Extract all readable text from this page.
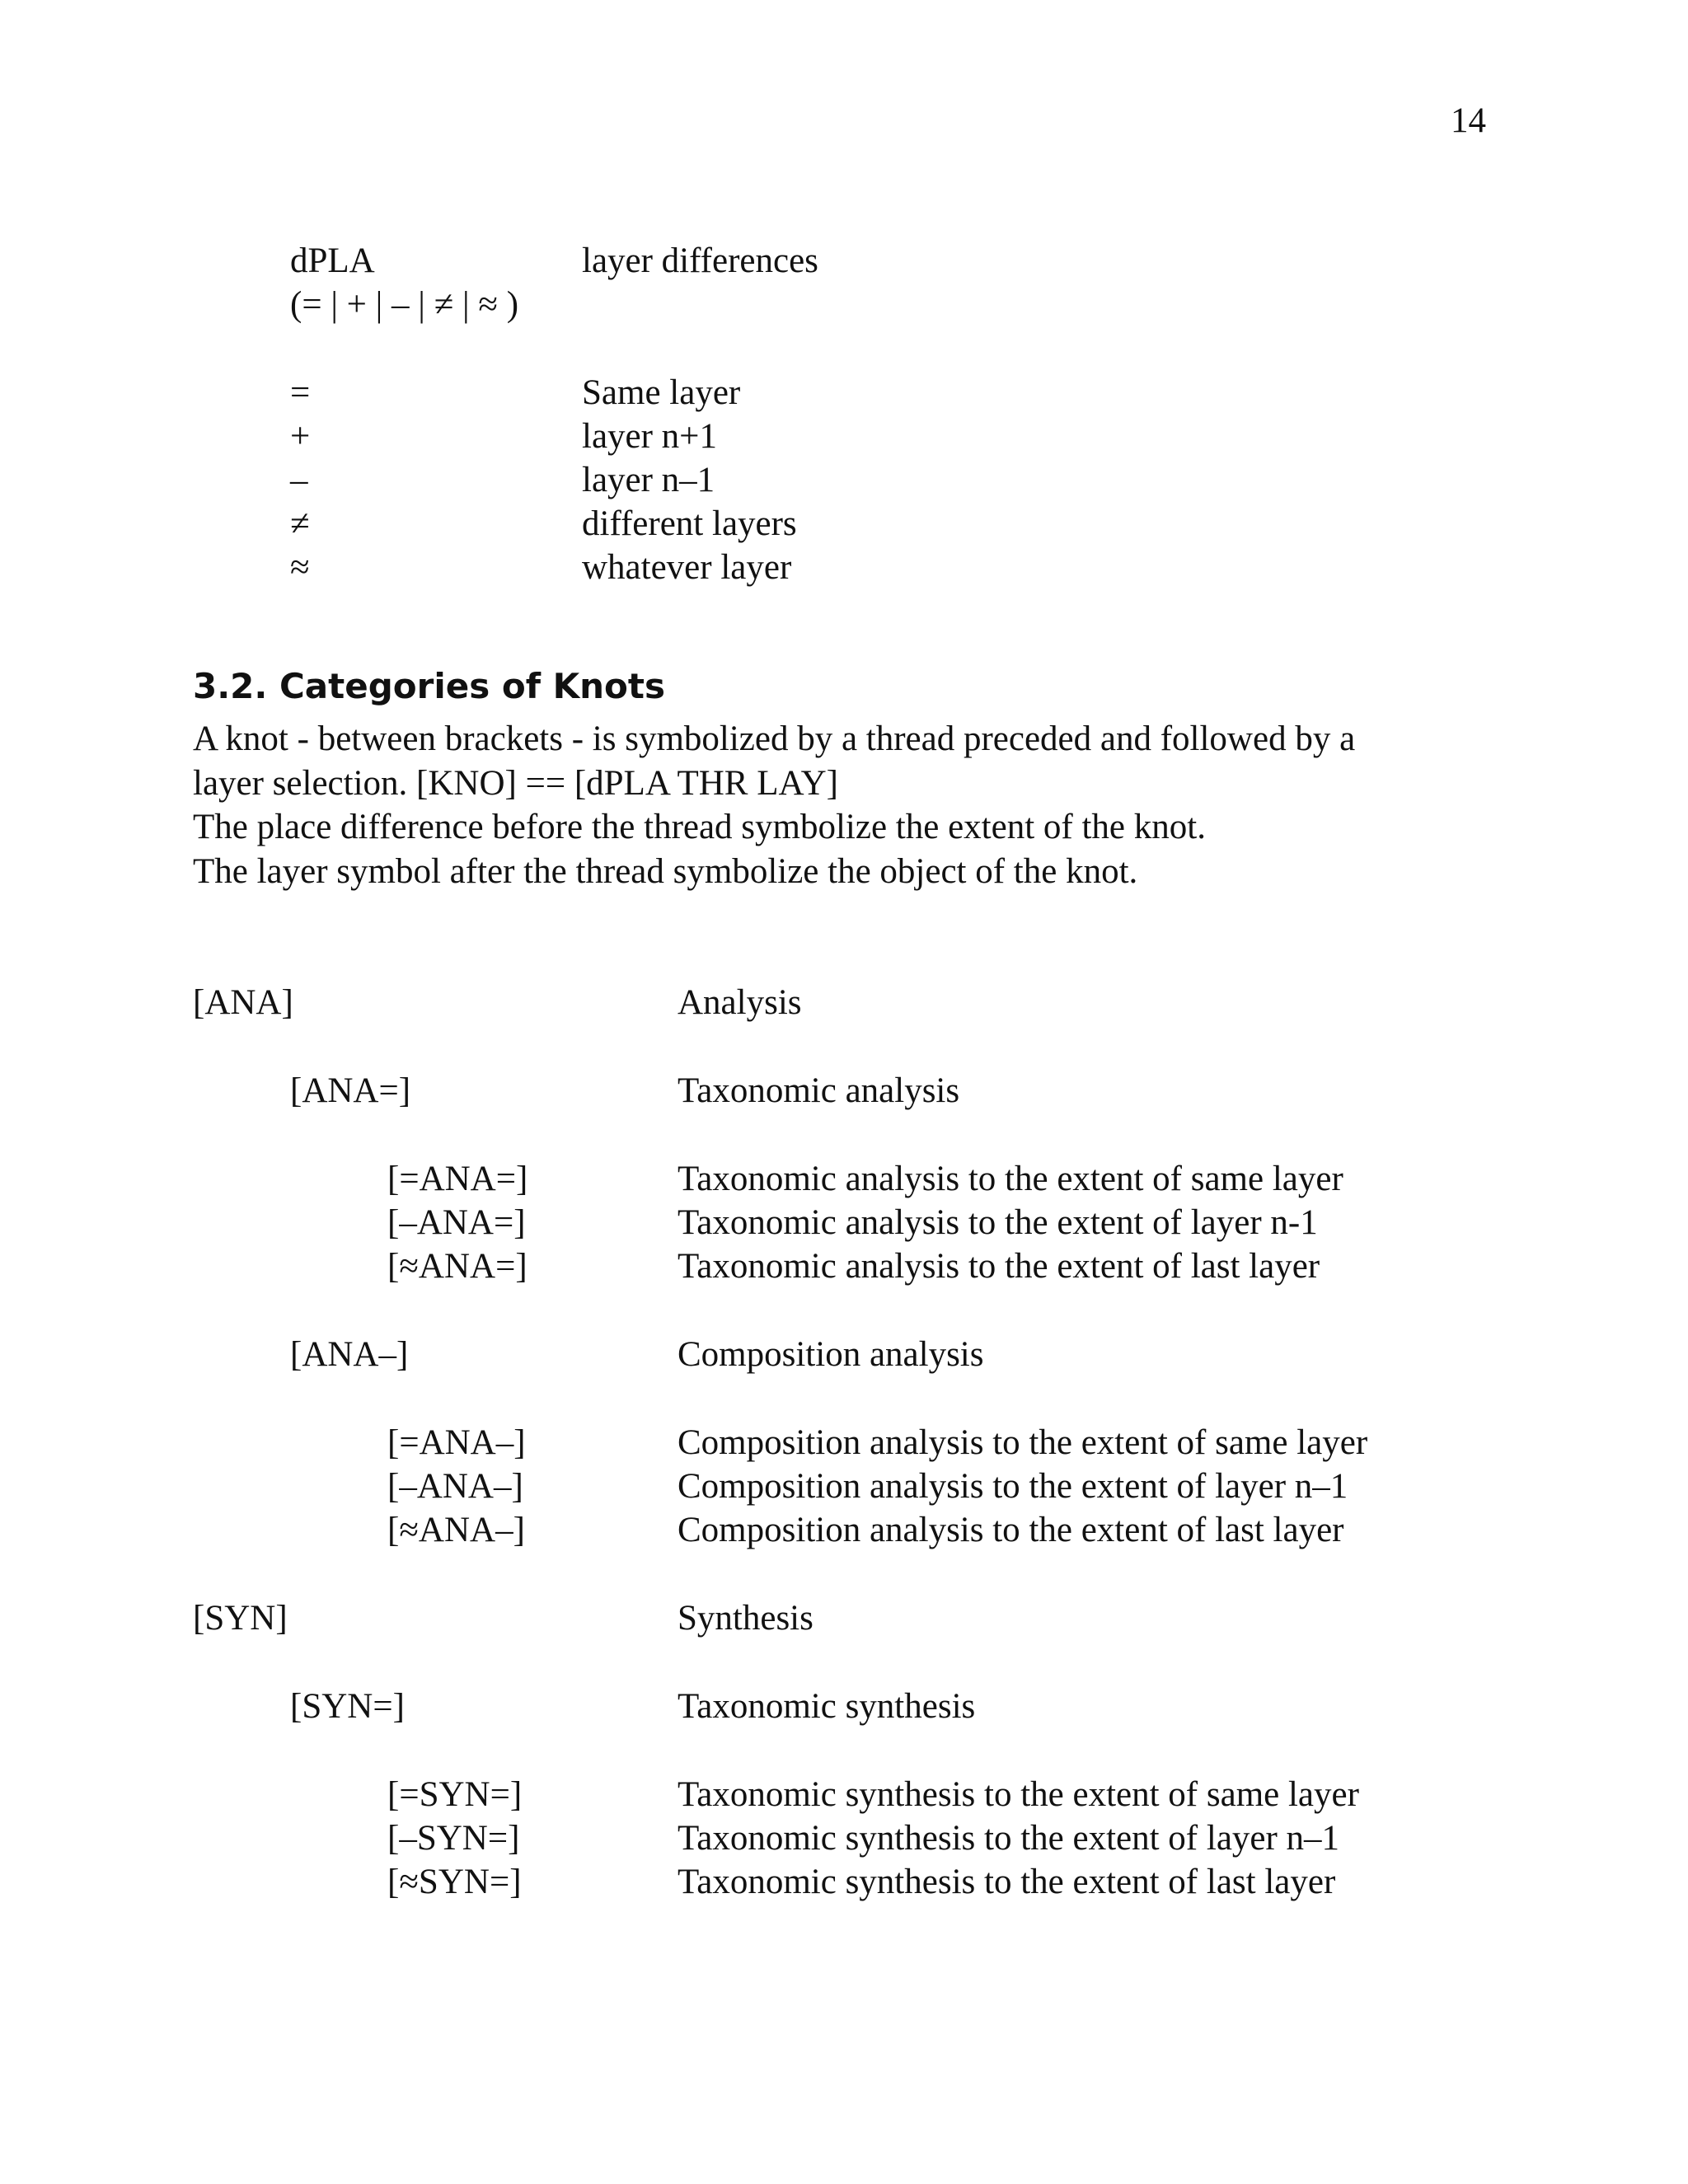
14
dPLA	layer differences
(= | + | – | ≠ | ≈ )
=	Same layer
+	layer n+1
–	layer n–1
≠	different layers
≈	whatever layer
3.2. Categories of Knots
A knot - between brackets - is symbolized by a thread preceded and followed by a
layer selection. [KNO] == [dPLA THR LAY]
The place difference before the thread symbolize the extent of the knot.
The layer symbol after the thread symbolize the object of the knot.
[ANA]	Analysis
[ANA=]	Taxonomic analysis
[=ANA=]	Taxonomic analysis to the extent of same layer
[–ANA=]	Taxonomic analysis to the extent of layer n-1
[≈ANA=]	Taxonomic analysis to the extent of last layer
[ANA–]	Composition analysis
[=ANA–]	Composition analysis to the extent of same layer
[–ANA–]	Composition analysis to the extent of layer n–1
[≈ANA–]	Composition analysis to the extent of last layer
[SYN]	Synthesis
[SYN=]	Taxonomic synthesis
[=SYN=]	Taxonomic synthesis to the extent of same layer
[–SYN=]	Taxonomic synthesis to the extent of layer n–1
[≈SYN=]	Taxonomic synthesis to the extent of last layer
